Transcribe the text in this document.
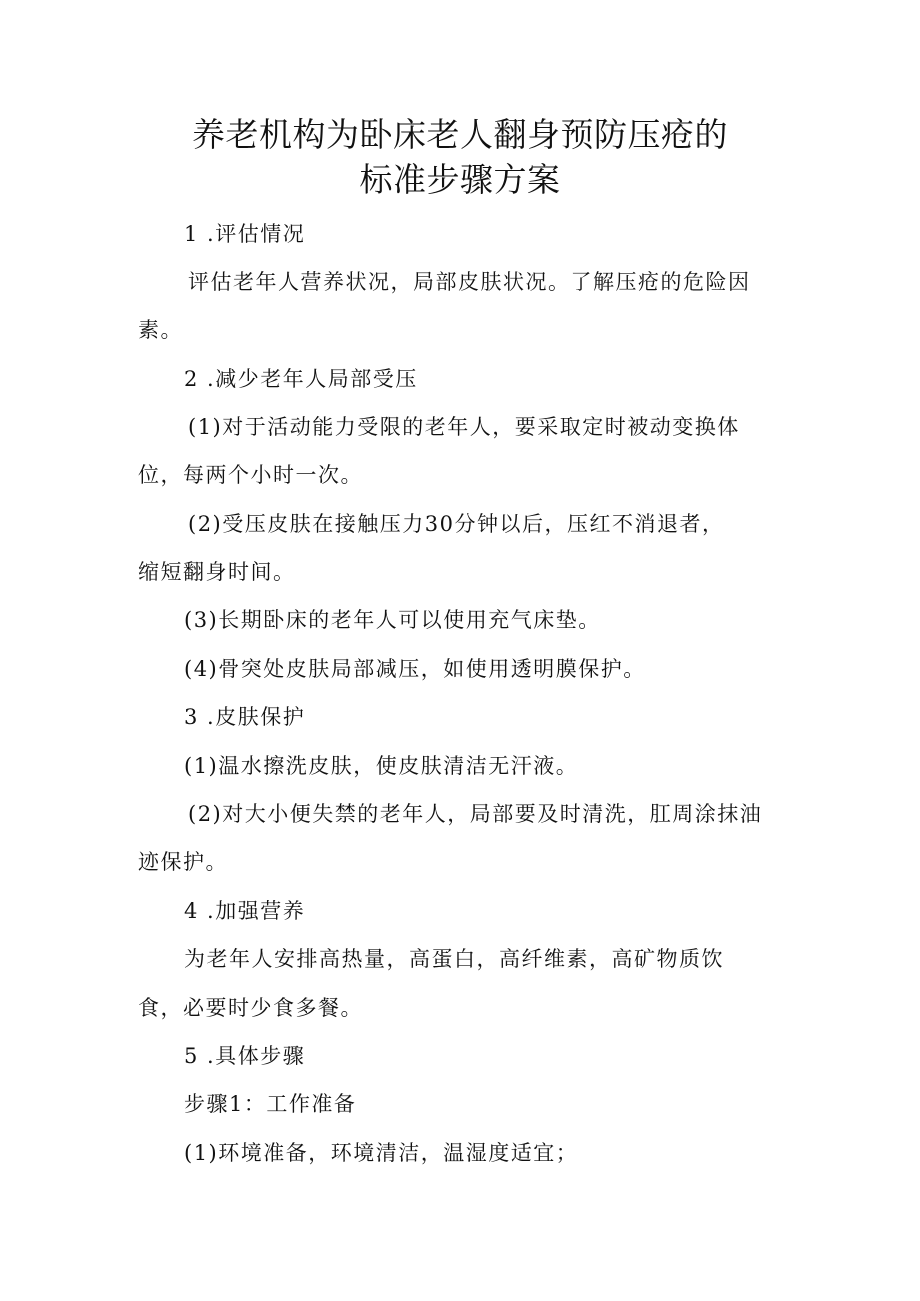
养老机构为卧床老人翻身预防压疮的
标准步骤方案
1 .评估情况
评估老年人营养状况，局部皮肤状况。了解压疮的危险因
素。
2 .减少老年人局部受压
(1)对于活动能力受限的老年人，要采取定时被动变换体
位，每两个小时一次。
(2)受压皮肤在接触压力30分钟以后，压红不消退者，
缩短翻身时间。
(3)长期卧床的老年人可以使用充气床垫。
(4)骨突处皮肤局部减压，如使用透明膜保护。
3 .皮肤保护
(1)温水擦洗皮肤，使皮肤清洁无汗液。
(2)对大小便失禁的老年人，局部要及时清洗，肛周涂抹油
迹保护。
4 .加强营养
为老年人安排高热量，高蛋白，高纤维素，高矿物质饮
食，必要时少食多餐。
5 .具体步骤
步骤1：工作准备
(1)环境准备，环境清洁，温湿度适宜；
